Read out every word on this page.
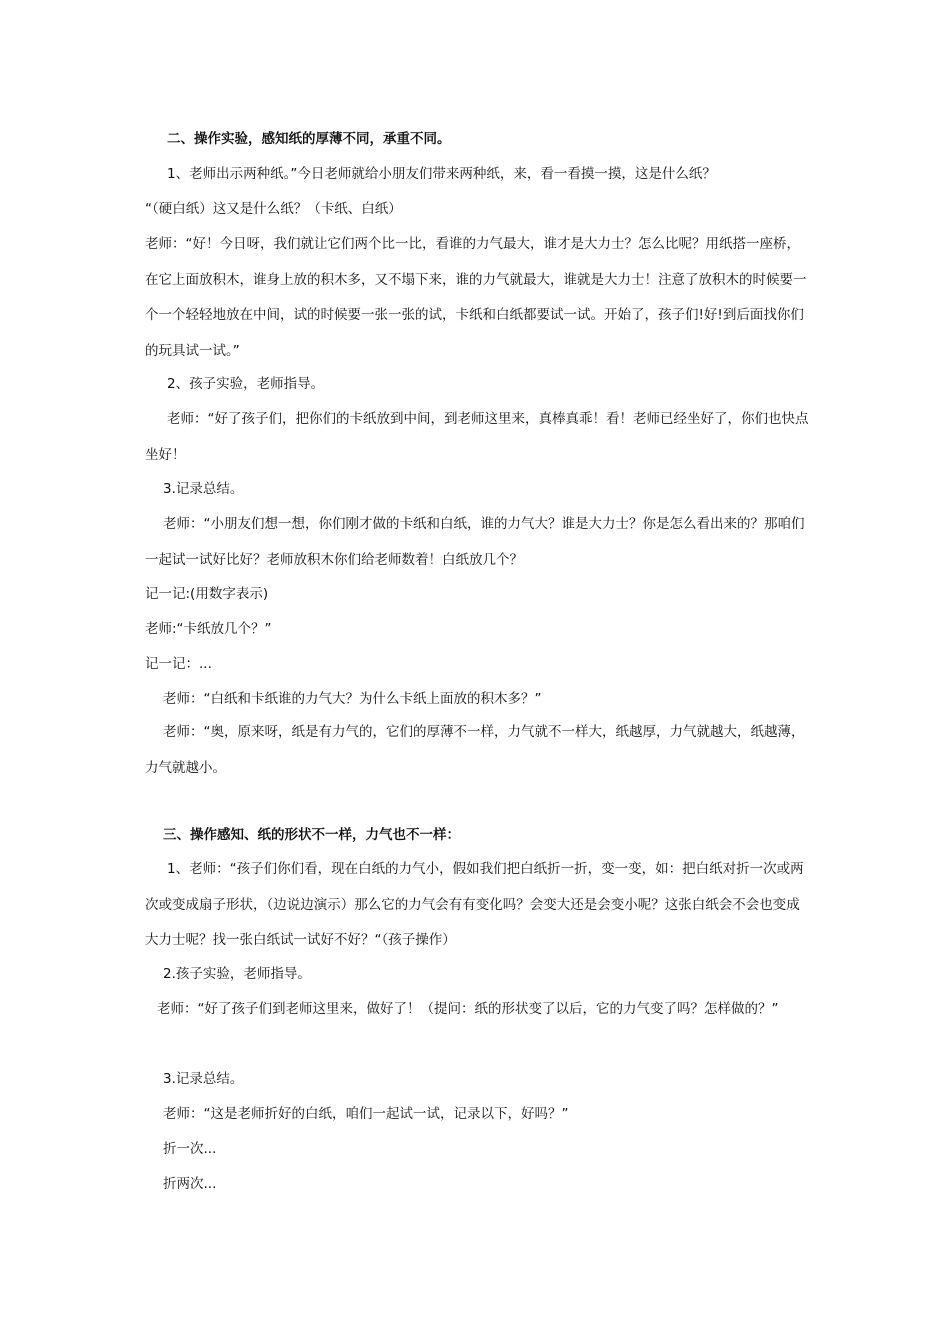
二、操作实验，感知纸的厚薄不同，承重不同。

1、老师出示两种纸。”今日老师就给小朋友们带来两种纸，来，看一看摸一摸，这是什么纸？

“（硬白纸）这又是什么纸？（卡纸、白纸）

老师：“好！今日呀，我们就让它们两个比一比，看谁的力气最大，谁才是大力士？怎么比呢？用纸搭一座桥，在它上面放积木，谁身上放的积木多，又不塌下来，谁的力气就最大，谁就是大力士！注意了放积木的时候要一个一个轻轻地放在中间，试的时候要一张一张的试，卡纸和白纸都要试一试。开始了，孩子们!好!到后面找你们的玩具试一试。”

2、孩子实验，老师指导。

老师：“好了孩子们，把你们的卡纸放到中间，到老师这里来，真棒真乖！看！老师已经坐好了，你们也快点坐好！

3.记录总结。

老师：“小朋友们想一想，你们刚才做的卡纸和白纸，谁的力气大？谁是大力士？你是怎么看出来的？那咱们一起试一试好比好？老师放积木你们给老师数着！白纸放几个？

记一记:(用数字表示)

老师:“卡纸放几个？”

记一记：...

老师：“白纸和卡纸谁的力气大？为什么卡纸上面放的积木多？”

老师：“奥，原来呀，纸是有力气的，它们的厚薄不一样，力气就不一样大，纸越厚，力气就越大，纸越薄，力气就越小。

三、操作感知、纸的形状不一样，力气也不一样：

1、老师：“孩子们你们看，现在白纸的力气小，假如我们把白纸折一折，变一变，如：把白纸对折一次或两次或变成扇子形状，（边说边演示）那么它的力气会有有变化吗？会变大还是会变小呢？这张白纸会不会也变成大力士呢？找一张白纸试一试好不好？“（孩子操作）

2.孩子实验，老师指导。

老师：“好了孩子们到老师这里来，做好了！（提问：纸的形状变了以后，它的力气变了吗？怎样做的？”

3.记录总结。

老师：“这是老师折好的白纸，咱们一起试一试，记录以下，好吗？”

折一次...

折两次...
